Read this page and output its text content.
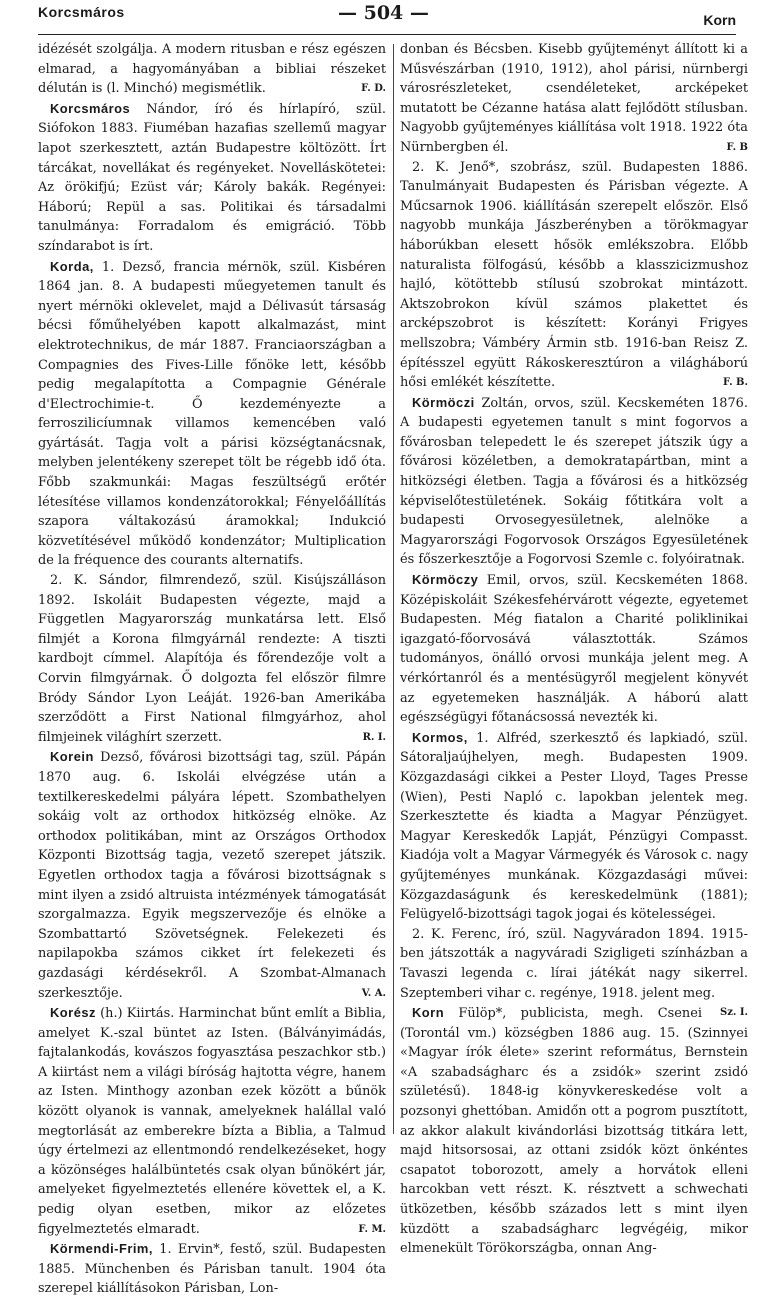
Korcsmáros	— 504 —	Korn

idézését szolgálja. A modern ritusban e rész egészen elmarad, a hagyományában a bibliai részeket délután is (l. Minchó) megismétlik.	F. D.

Korcsmáros Nándor, író és hírlapíró, szül. Siófokon 1883. Fiuméban hazafias szellemű magyar lapot szerkesztett, aztán Budapestre költözött. Írt tárcákat, novellákat és regényeket. Novelláskötetei: Az örökifjú; Ezüst vár; Károly bakák. Regényei: Háború; Repül a sas. Politikai és társadalmi tanulmánya: Forradalom és emigráció. Több színdarabot is írt.

Korda, 1. Dezső, francia mérnök, szül. Kisbéren 1864 jan. 8. A budapesti műegyetemen tanult és nyert mérnöki oklevelet, majd a Délivasút társaság bécsi főműhelyében kapott alkalmazást, mint elektrotechnikus, de már 1887. Franciaországban a Compagnies des Fives-Lille főnöke lett, később pedig megalapította a Compagnie Générale d'Electrochimie-t. Ő kezdeményezte a ferroszilicíumnak villamos kemencében való gyártását. Tagja volt a párisi községtanácsnak, melyben jelentékeny szerepet tölt be régebb idő óta. Főbb szakmunkái: Magas feszültségű erőtér létesítése villamos kondenzátorokkal; Fényelőállítás szapora váltakozású áramokkal; Indukció közvetítésével működő kondenzátor; Multiplication de la fréquence des courants alternatifs.

2. K. Sándor, filmrendező, szül. Kisújszálláson 1892. Iskoláit Budapesten végezte, majd a Független Magyarország munkatársa lett. Első filmjét a Korona filmgyárnál rendezte: A tiszti kardbojt címmel. Alapítója és főrendezője volt a Corvin filmgyárnak. Ő dolgozta fel először filmre Bródy Sándor Lyon Leáját. 1926-ban Amerikába szerződött a First National filmgyárhoz, ahol filmjeinek világhírt szerzett.	R. I.

Korein Dezső, fővárosi bizottsági tag, szül. Pápán 1870 aug. 6. Iskolái elvégzése után a textilkereskedelmi pályára lépett. Szombathelyen sokáig volt az orthodox hitközség elnöke. Az orthodox politikában, mint az Országos Orthodox Központi Bizottság tagja, vezető szerepet játszik. Egyetlen orthodox tagja a fővárosi bizottságnak s mint ilyen a zsidó altruista intézmények támogatását szorgalmazza. Egyik megszervezője és elnöke a Szombattartó Szövetségnek. Felekezeti és napilapokba számos cikket írt felekezeti és gazdasági kérdésekről. A Szombat-Almanach szerkesztője.	V. A.

Korész (h.) Kiirtás. Harminchat bűnt említ a Biblia, amelyet K.-szal büntet az Isten. (Bálványimádás, fajtalankodás, kovászos fogyasztása peszachkor stb.) A kiirtást nem a világi bíróság hajtotta végre, hanem az Isten. Minthogy azonban ezek között a bűnök között olyanok is vannak, amelyeknek halállal való megtorlását az emberekre bízta a Biblia, a Talmud úgy értelmezi az ellentmondó rendelkezéseket, hogy a közönséges halálbüntetés csak olyan bűnökért jár, amelyeket figyelmeztetés ellenére követtek el, a K. pedig olyan esetben, mikor az előzetes figyelmeztetés elmaradt.	F. M.

Körmendi-Frim, 1. Ervin*, festő, szül. Budapesten 1885. Münchenben és Párisban tanult. 1904 óta szerepel kiállításokon Párisban, Lon-

donban és Bécsben. Kisebb gyűjteményt állított ki a Műsvészárban (1910, 1912), ahol párisi, nürnbergi városrészleteket, csendéleteket, arcképeket mutatott be Cézanne hatása alatt fejlődött stílusban. Nagyobb gyűjteményes kiállítása volt 1918. 1922 óta Nürnbergben él.	F. B

2. K. Jenő*, szobrász, szül. Budapesten 1886. Tanulmányait Budapesten és Párisban végezte. A Műcsarnok 1906. kiállításán szerepelt először. Első nagyobb munkája Jászberényben a törökmagyar háborúkban elesett hősök emlékszobra. Előbb naturalista fölfogású, később a klasszicizmushoz hajló, kötöttebb stílusú szobrokat mintázott. Aktszobrokon kívül számos plakettet és arcképszobrot is készített: Korányi Frigyes mellszobra; Vámbéry Ármin stb. 1916-ban Reisz Z. építésszel együtt Rákoskeresztúron a világháború hősi emlékét készítette.	F. B.

Körmöczi Zoltán, orvos, szül. Kecskeméten 1876. A budapesti egyetemen tanult s mint fogorvos a fővárosban telepedett le és szerepet játszik úgy a fővárosi közéletben, a demokratapártban, mint a hitközségi életben. Tagja a fővárosi és a hitközség képviselőtestületének. Sokáig főtitkára volt a budapesti Orvosegyesületnek, alelnöke a Magyarországi Fogorvosok Országos Egyesületének és főszerkesztője a Fogorvosi Szemle c. folyóiratnak.

Körmöczy Emil, orvos, szül. Kecskeméten 1868. Középiskoláit Székesfehérvárott végezte, egyetemet Budapesten. Még fiatalon a Charité poliklinikai igazgató-főorvosává választották. Számos tudományos, önálló orvosi munkája jelent meg. A vérkórtanról és a mentésügyről megjelent könyvét az egyetemeken használják. A háború alatt egészségügyi főtanácsossá nevezték ki.

Kormos, 1. Alfréd, szerkesztő és lapkiadó, szül. Sátoraljaújhelyen, megh. Budapesten 1909. Közgazdasági cikkei a Pester Lloyd, Tages Presse (Wien), Pesti Napló c. lapokban jelentek meg. Szerkesztette és kiadta a Magyar Pénzügyet. Magyar Kereskedők Lapját, Pénzügyi Compasst. Kiadója volt a Magyar Vármegyék és Városok c. nagy gyűjteményes munkának. Közgazdasági művei: Közgazdaságunk és kereskedelmünk (1881); Felügyelő-bizottsági tagok jogai és kötelességei.

2. K. Ferenc, író, szül. Nagyváradon 1894. 1915-ben játszották a nagyváradi Szigligeti színházban a Tavaszi legenda c. lírai játékát nagy sikerrel. Szeptemberi vihar c. regénye, 1918. jelent meg.
Sz. I.

Korn Fülöp*, publicista, megh. Csenei (Torontál vm.) községben 1886 aug. 15. (Szinnyei «Magyar írók élete» szerint református, Bernstein «A szabadságharc és a zsidók» szerint zsidó születésű). 1848-ig könyvkereskedése volt a pozsonyi ghettóban. Amidőn ott a pogrom pusztított, az akkor alakult kivándorlási bizottság titkára lett, majd hitsorsosai, az ottani zsidók közt önkéntes csapatot toborozott, amely a horvátok elleni harcokban vett részt. K. résztvett a schwechati ütközetben, később százados lett s mint ilyen küzdött a szabadságharc legvégéig, mikor elmenekült Törökországba, onnan Ang-
